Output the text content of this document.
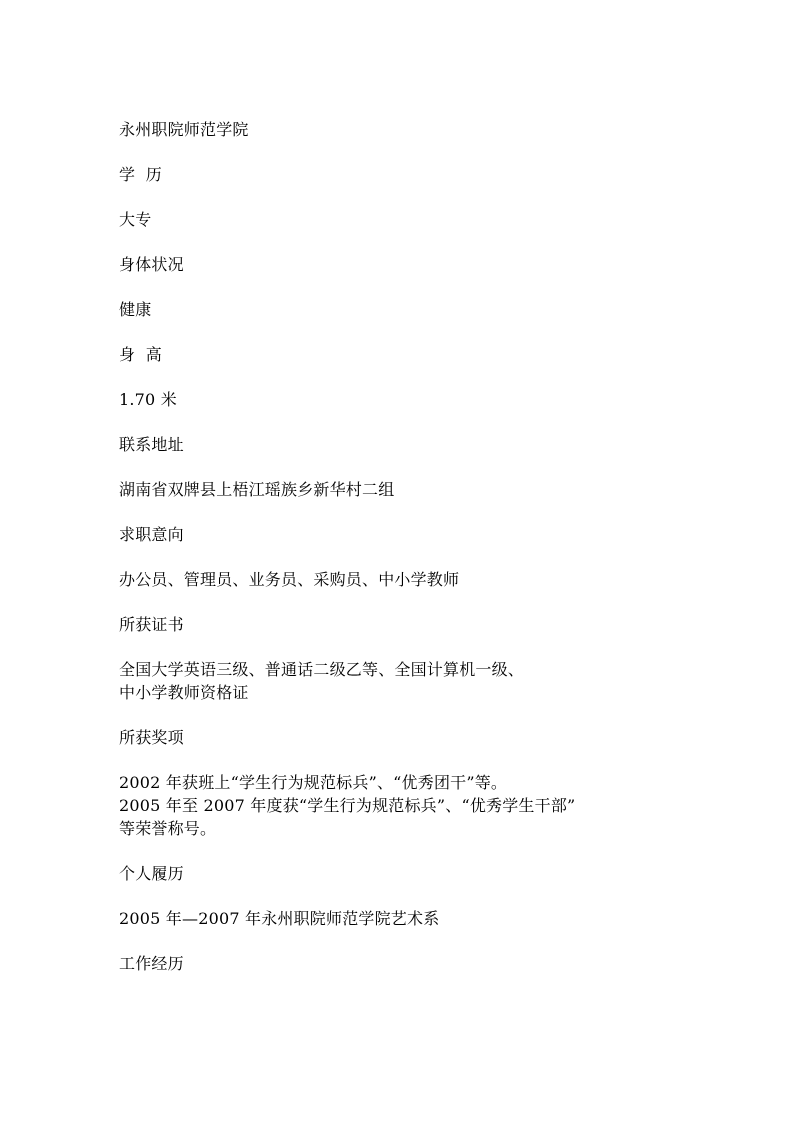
永州职院师范学院

学  历

大专

身体状况

健康

身  高

1.70 米

联系地址

湖南省双牌县上梧江瑶族乡新华村二组

求职意向

办公员、管理员、业务员、采购员、中小学教师

所获证书

全国大学英语三级、普通话二级乙等、全国计算机一级、
中小学教师资格证

所获奖项

2002 年获班上“学生行为规范标兵”、“优秀团干”等。
2005 年至 2007 年度获“学生行为规范标兵”、“优秀学生干部”
等荣誉称号。

个人履历

2005 年—2007 年永州职院师范学院艺术系

工作经历
